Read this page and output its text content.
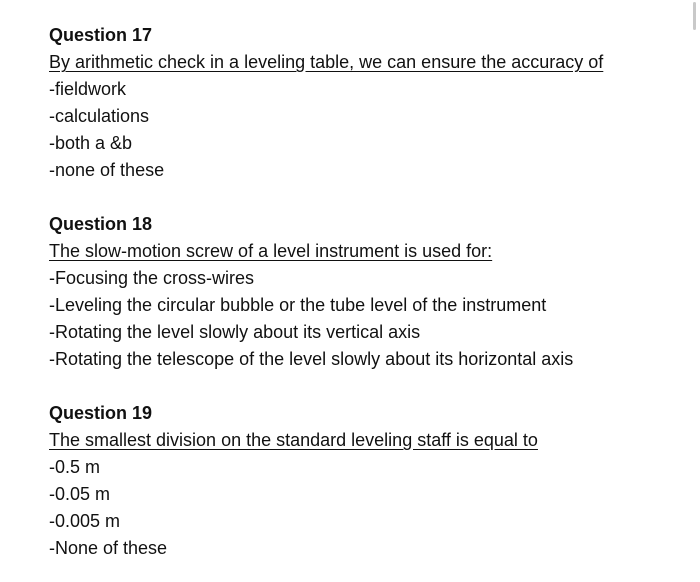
Question 17
By arithmetic check in a leveling table, we can ensure the accuracy of
-fieldwork
-calculations
-both a &b
-none of these
Question 18
The slow-motion screw of a level instrument is used for:
-Focusing the cross-wires
-Leveling the circular bubble or the tube level of the instrument
-Rotating the level slowly about its vertical axis
-Rotating the telescope of the level slowly about its horizontal axis
Question 19
The smallest division on the standard leveling staff is equal to
-0.5 m
-0.05 m
-0.005 m
-None of these
